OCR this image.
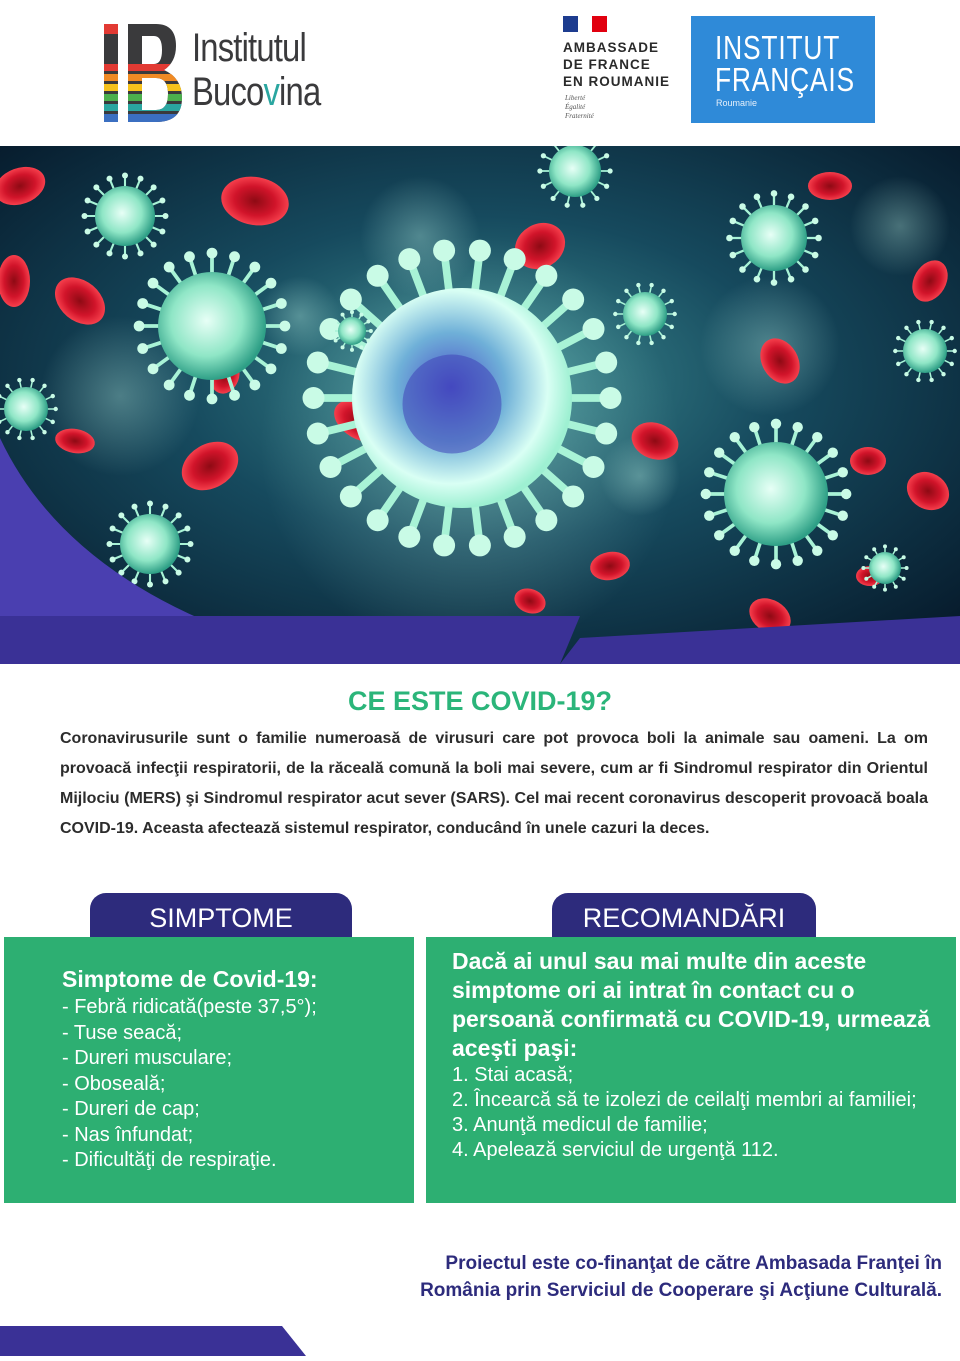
Institutul
Bucovina
AMBASSADE
DE FRANCE
EN ROUMANIE
Liberté
Égalité
Fraternité
INSTITUT
FRANÇAIS
Roumanie
CE ESTE COVID-19?
Coronavirusurile sunt o familie numeroasă de virusuri care pot provoca boli la animale sau oameni. La om provoacă infecţii respiratorii, de la răceală comună la boli mai severe, cum ar fi Sindromul respirator din Orientul Mijlociu (MERS) şi Sindromul respirator acut sever (SARS). Cel mai recent coronavirus descoperit provoacă boala COVID-19. Aceasta afectează sistemul respirator, conducând în unele cazuri la deces.
SIMPTOME	RECOMANDĂRI
Simptome de Covid-19:
- Febră ridicată(peste 37,5°);
- Tuse seacă;
- Dureri musculare;
- Oboseală;
- Dureri de cap;
- Nas înfundat;
- Dificultăţi de respiraţie.
Dacă ai unul sau mai multe din aceste simptome ori ai intrat în contact cu o persoană confirmată cu COVID-19, urmează aceşti paşi:
1. Stai acasă;
2. Încearcă să te izolezi de ceilalţi membri ai familiei;
3. Anunţă medicul de familie;
4. Apelează serviciul de urgenţă 112.
Proiectul este co-finanţat de către Ambasada Franţei în
România prin Serviciul de Cooperare şi Acţiune Culturală.
